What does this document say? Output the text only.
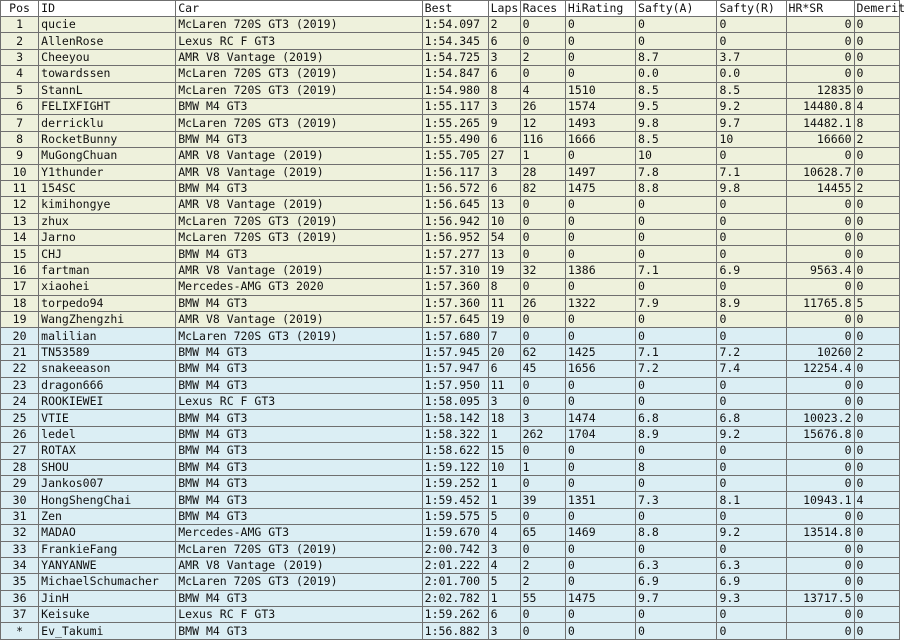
Pos	ID	Car	Best	Laps	Races	HiRating	Safty(A)	Safty(R)	HR*SR	Demerit
1	qucie	McLaren 720S GT3 (2019)	1:54.097	2	0	0	0	0	0	0
2	AllenRose	Lexus RC F GT3	1:54.345	6	0	0	0	0	0	0
3	Cheeyou	AMR V8 Vantage (2019)	1:54.725	3	2	0	8.7	3.7	0	0
4	towardssen	McLaren 720S GT3 (2019)	1:54.847	6	0	0	0.0	0.0	0	0
5	StannL	McLaren 720S GT3 (2019)	1:54.980	8	4	1510	8.5	8.5	12835	0
6	FELIXFIGHT	BMW M4 GT3	1:55.117	3	26	1574	9.5	9.2	14480.8	4
7	derricklu	McLaren 720S GT3 (2019)	1:55.265	9	12	1493	9.8	9.7	14482.1	8
8	RocketBunny	BMW M4 GT3	1:55.490	6	116	1666	8.5	10	16660	2
9	MuGongChuan	AMR V8 Vantage (2019)	1:55.705	27	1	0	10	0	0	0
10	Y1thunder	AMR V8 Vantage (2019)	1:56.117	3	28	1497	7.8	7.1	10628.7	0
11	154SC	BMW M4 GT3	1:56.572	6	82	1475	8.8	9.8	14455	2
12	kimihongye	AMR V8 Vantage (2019)	1:56.645	13	0	0	0	0	0	0
13	zhux	McLaren 720S GT3 (2019)	1:56.942	10	0	0	0	0	0	0
14	Jarno	McLaren 720S GT3 (2019)	1:56.952	54	0	0	0	0	0	0
15	CHJ	BMW M4 GT3	1:57.277	13	0	0	0	0	0	0
16	fartman	AMR V8 Vantage (2019)	1:57.310	19	32	1386	7.1	6.9	9563.4	0
17	xiaohei	Mercedes-AMG GT3 2020	1:57.360	8	0	0	0	0	0	0
18	torpedo94	BMW M4 GT3	1:57.360	11	26	1322	7.9	8.9	11765.8	5
19	WangZhengzhi	AMR V8 Vantage (2019)	1:57.645	19	0	0	0	0	0	0
20	malilian	McLaren 720S GT3 (2019)	1:57.680	7	0	0	0	0	0	0
21	TN53589	BMW M4 GT3	1:57.945	20	62	1425	7.1	7.2	10260	2
22	snakeeason	BMW M4 GT3	1:57.947	6	45	1656	7.2	7.4	12254.4	0
23	dragon666	BMW M4 GT3	1:57.950	11	0	0	0	0	0	0
24	ROOKIEWEI	Lexus RC F GT3	1:58.095	3	0	0	0	0	0	0
25	VTIE	BMW M4 GT3	1:58.142	18	3	1474	6.8	6.8	10023.2	0
26	ledel	BMW M4 GT3	1:58.322	1	262	1704	8.9	9.2	15676.8	0
27	ROTAX	BMW M4 GT3	1:58.622	15	0	0	0	0	0	0
28	SHOU	BMW M4 GT3	1:59.122	10	1	0	8	0	0	0
29	Jankos007	BMW M4 GT3	1:59.252	1	0	0	0	0	0	0
30	HongShengChai	BMW M4 GT3	1:59.452	1	39	1351	7.3	8.1	10943.1	4
31	Zen	BMW M4 GT3	1:59.575	5	0	0	0	0	0	0
32	MADAO	Mercedes-AMG GT3	1:59.670	4	65	1469	8.8	9.2	13514.8	0
33	FrankieFang	McLaren 720S GT3 (2019)	2:00.742	3	0	0	0	0	0	0
34	YANYANWE	AMR V8 Vantage (2019)	2:01.222	4	2	0	6.3	6.3	0	0
35	MichaelSchumacher	McLaren 720S GT3 (2019)	2:01.700	5	2	0	6.9	6.9	0	0
36	JinH	BMW M4 GT3	2:02.782	1	55	1475	9.7	9.3	13717.5	0
37	Keisuke	Lexus RC F GT3	1:59.262	6	0	0	0	0	0	0
*	Ev_Takumi	BMW M4 GT3	1:56.882	3	0	0	0	0	0	0
